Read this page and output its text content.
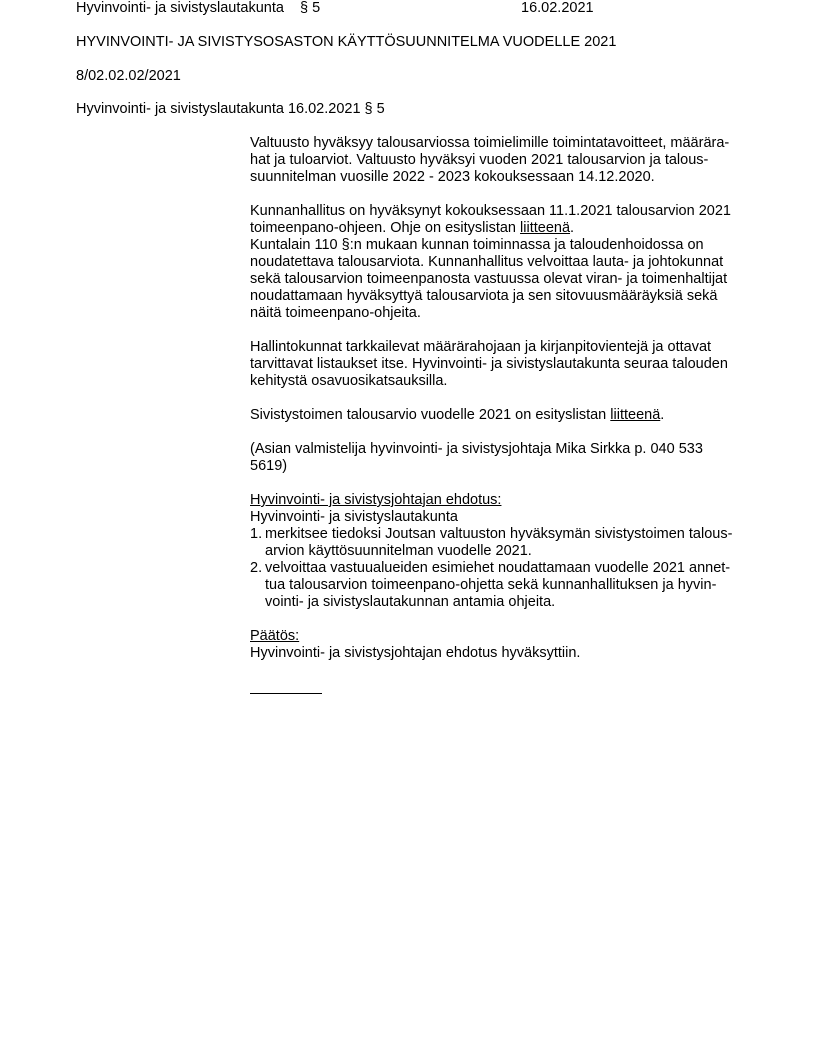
Hyvinvointi- ja sivistyslautakunta    § 5	16.02.2021
HYVINVOINTI- JA SIVISTYSOSASTON KÄYTTÖSUUNNITELMA VUODELLE 2021
8/02.02.02/2021
Hyvinvointi- ja sivistyslautakunta 16.02.2021 § 5
Valtuusto hyväksyy talousarviossa toimielimille toimintatavoitteet, määrära-
hat ja tuloarviot. Valtuusto hyväksyi vuoden 2021 talousarvion ja talous-
suunnitelman vuosille 2022 - 2023 kokouksessaan 14.12.2020.
Kunnanhallitus on hyväksynyt kokouksessaan 11.1.2021 talousarvion 2021
toimeenpano-ohjeen. Ohje on esityslistan liitteenä.
Kuntalain 110 §:n mukaan kunnan toiminnassa ja taloudenhoidossa on
noudatettava talousarviota. Kunnanhallitus velvoittaa lauta- ja johtokunnat
sekä talousarvion toimeenpanosta vastuussa olevat viran- ja toimenhaltijat
noudattamaan hyväksyttyä talousarviota ja sen sitovuusmääräyksiä sekä
näitä toimeenpano-ohjeita.
Hallintokunnat tarkkailevat määrärahojaan ja kirjanpitovientejä ja ottavat
tarvittavat listaukset itse. Hyvinvointi- ja sivistyslautakunta seuraa talouden
kehitystä osavuosikatsauksilla.
Sivistystoimen talousarvio vuodelle 2021 on esityslistan liitteenä.
(Asian valmistelija hyvinvointi- ja sivistysjohtaja Mika Sirkka p. 040 533
5619)
Hyvinvointi- ja sivistysjohtajan ehdotus:
Hyvinvointi- ja sivistyslautakunta
1. merkitsee tiedoksi Joutsan valtuuston hyväksymän sivistystoimen talous-
arvion käyttösuunnitelman vuodelle 2021.
2. velvoittaa vastuualueiden esimiehet noudattamaan vuodelle 2021 annet-
tua talousarvion toimeenpano-ohjetta sekä kunnanhallituksen ja hyvin-
vointi- ja sivistyslautakunnan antamia ohjeita.
Päätös:
Hyvinvointi- ja sivistysjohtajan ehdotus hyväksyttiin.
